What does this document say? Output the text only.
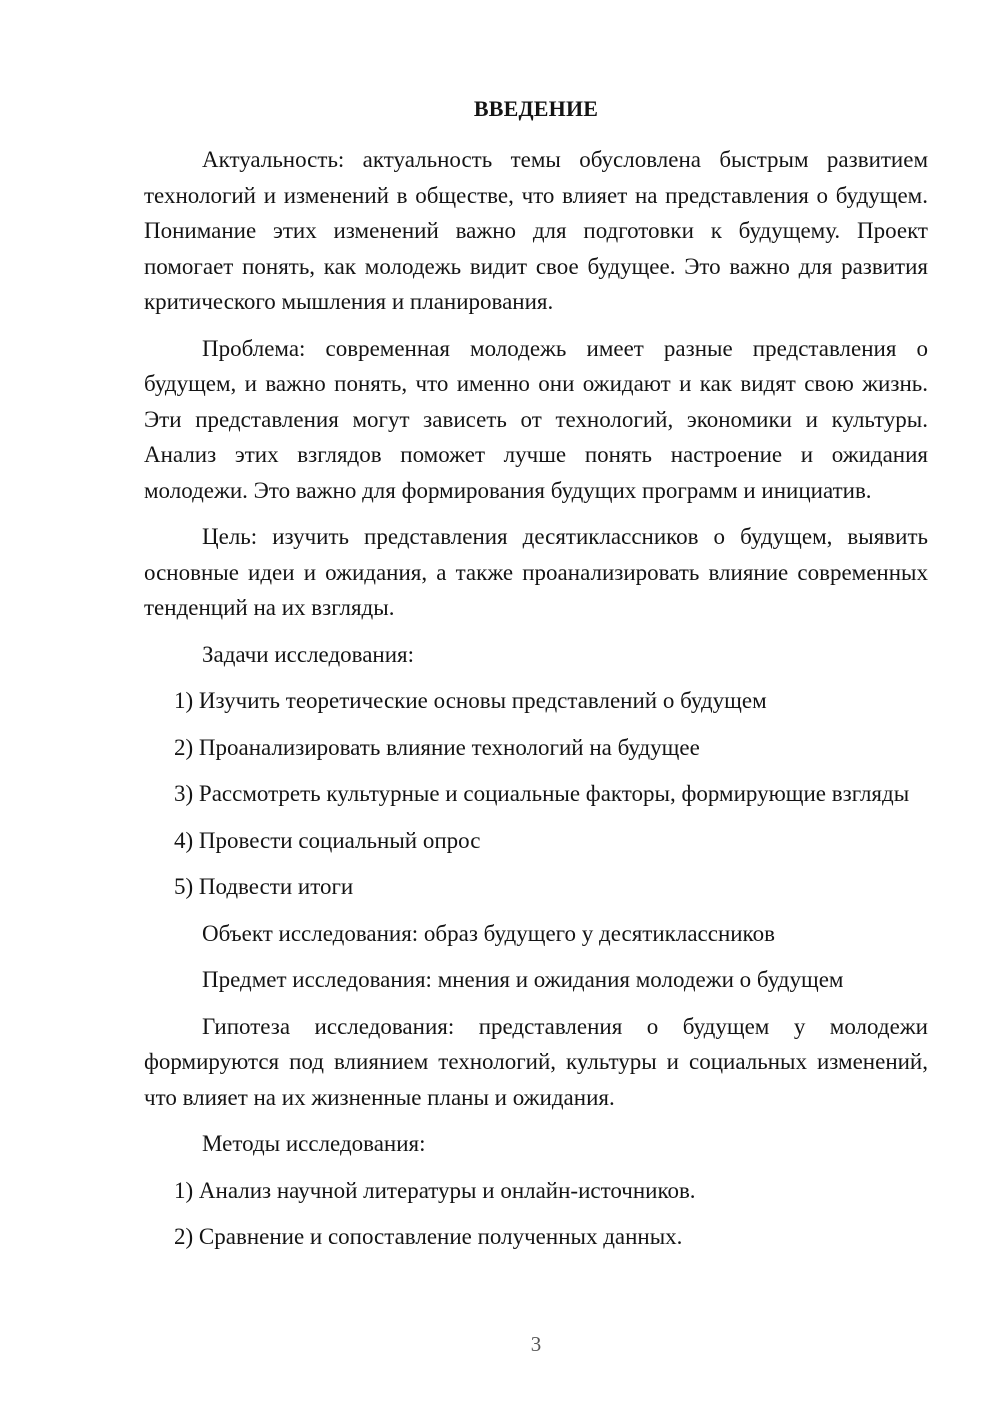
ВВЕДЕНИЕ

Актуальность: актуальность темы обусловлена быстрым развитием технологий и изменений в обществе, что влияет на представления о будущем. Понимание этих изменений важно для подготовки к будущему. Проект помогает понять, как молодежь видит свое будущее. Это важно для развития критического мышления и планирования.

Проблема: современная молодежь имеет разные представления о будущем, и важно понять, что именно они ожидают и как видят свою жизнь. Эти представления могут зависеть от технологий, экономики и культуры. Анализ этих взглядов поможет лучше понять настроение и ожидания молодежи. Это важно для формирования будущих программ и инициатив.

Цель: изучить представления десятиклассников о будущем, выявить основные идеи и ожидания, а также проанализировать влияние современных тенденций на их взгляды.

Задачи исследования:

1) Изучить теоретические основы представлений о будущем

2) Проанализировать влияние технологий на будущее

3) Рассмотреть культурные и социальные факторы, формирующие взгляды

4) Провести социальный опрос

5) Подвести итоги

Объект исследования: образ будущего у десятиклассников

Предмет исследования: мнения и ожидания молодежи о будущем

Гипотеза исследования: представления о будущем у молодежи формируются под влиянием технологий, культуры и социальных изменений, что влияет на их жизненные планы и ожидания.

Методы исследования:

1) Анализ научной литературы и онлайн-источников.

2) Сравнение и сопоставление полученных данных.

3
